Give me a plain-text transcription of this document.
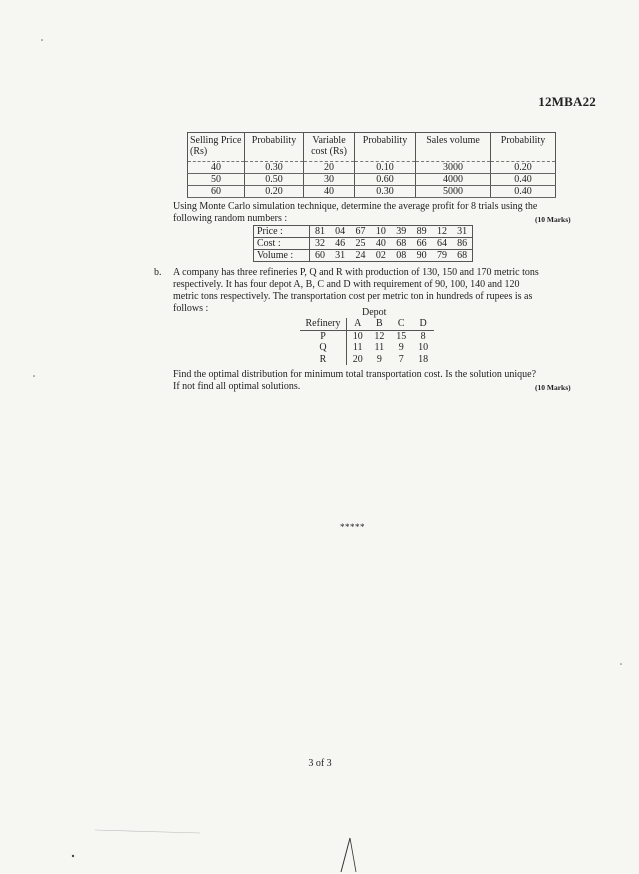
12MBA22
Selling Price (Rs)	Probability	Variable cost (Rs)	Probability	Sales volume	Probability
40	0.30	20	0.10	3000	0.20
50	0.50	30	0.60	4000	0.40
60	0.20	40	0.30	5000	0.40
Using Monte Carlo simulation technique, determine the average profit for 8 trials using the
following random numbers :	(10 Marks)
Price :	81	04	67	10	39	89	12	31
Cost :	32	46	25	40	68	66	64	86
Volume :	60	31	24	02	08	90	79	68
b. A company has three refineries P, Q and R with production of 130, 150 and 170 metric tons
respectively. It has four depot A, B, C and D with requirement of 90, 100, 140 and 120
metric tons respectively. The transportation cost per metric ton in hundreds of rupees is as
follows :	Depot
Refinery	A	B	C	D
P	10	12	15	8
Q	11	11	9	10
R	20	9	7	18
Find the optimal distribution for minimum total transportation cost. Is the solution unique?
If not find all optimal solutions.	(10 Marks)
*****
3 of 3
